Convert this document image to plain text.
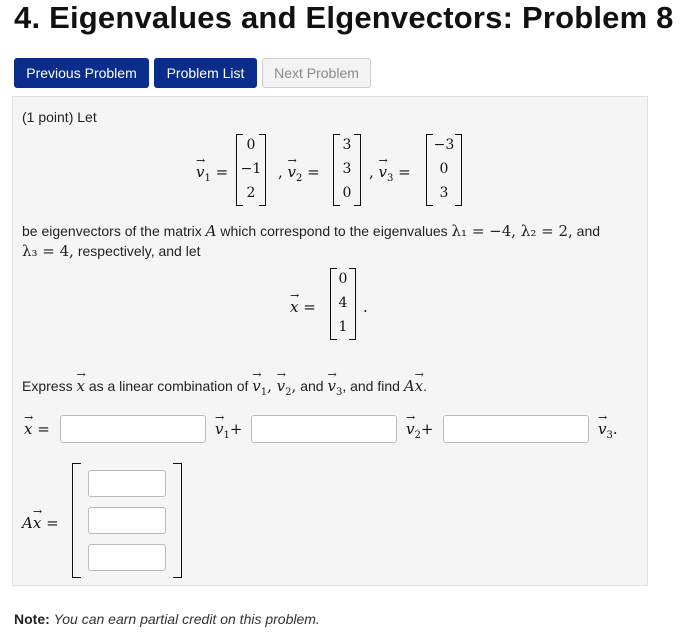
4. Eigenvalues and Elgenvectors: Problem 8
Previous Problem	Problem List	Next Problem
(1 point) Let
v
→
$_1$ =
0
−1
2
, v
→
$_2$ =
3
3
0
, v
→
$_3$ =
−3
0
3
be eigenvectors of the matrix A which correspond to the eigenvalues λ₁ = −4, λ₂ = 2, and
λ₃ = 4, respectively, and let
x
→
=
0
4
1
.
Express x
→
as a linear combination of v
→
$_1$, v
→
$_2$, and v
→
$_3$, and find Ax
→
.
x
→
=	v
→
$_1$+	v
→
$_2$+	v
→
$_3$.
Ax
→
=
Note: You can earn partial credit on this problem.
